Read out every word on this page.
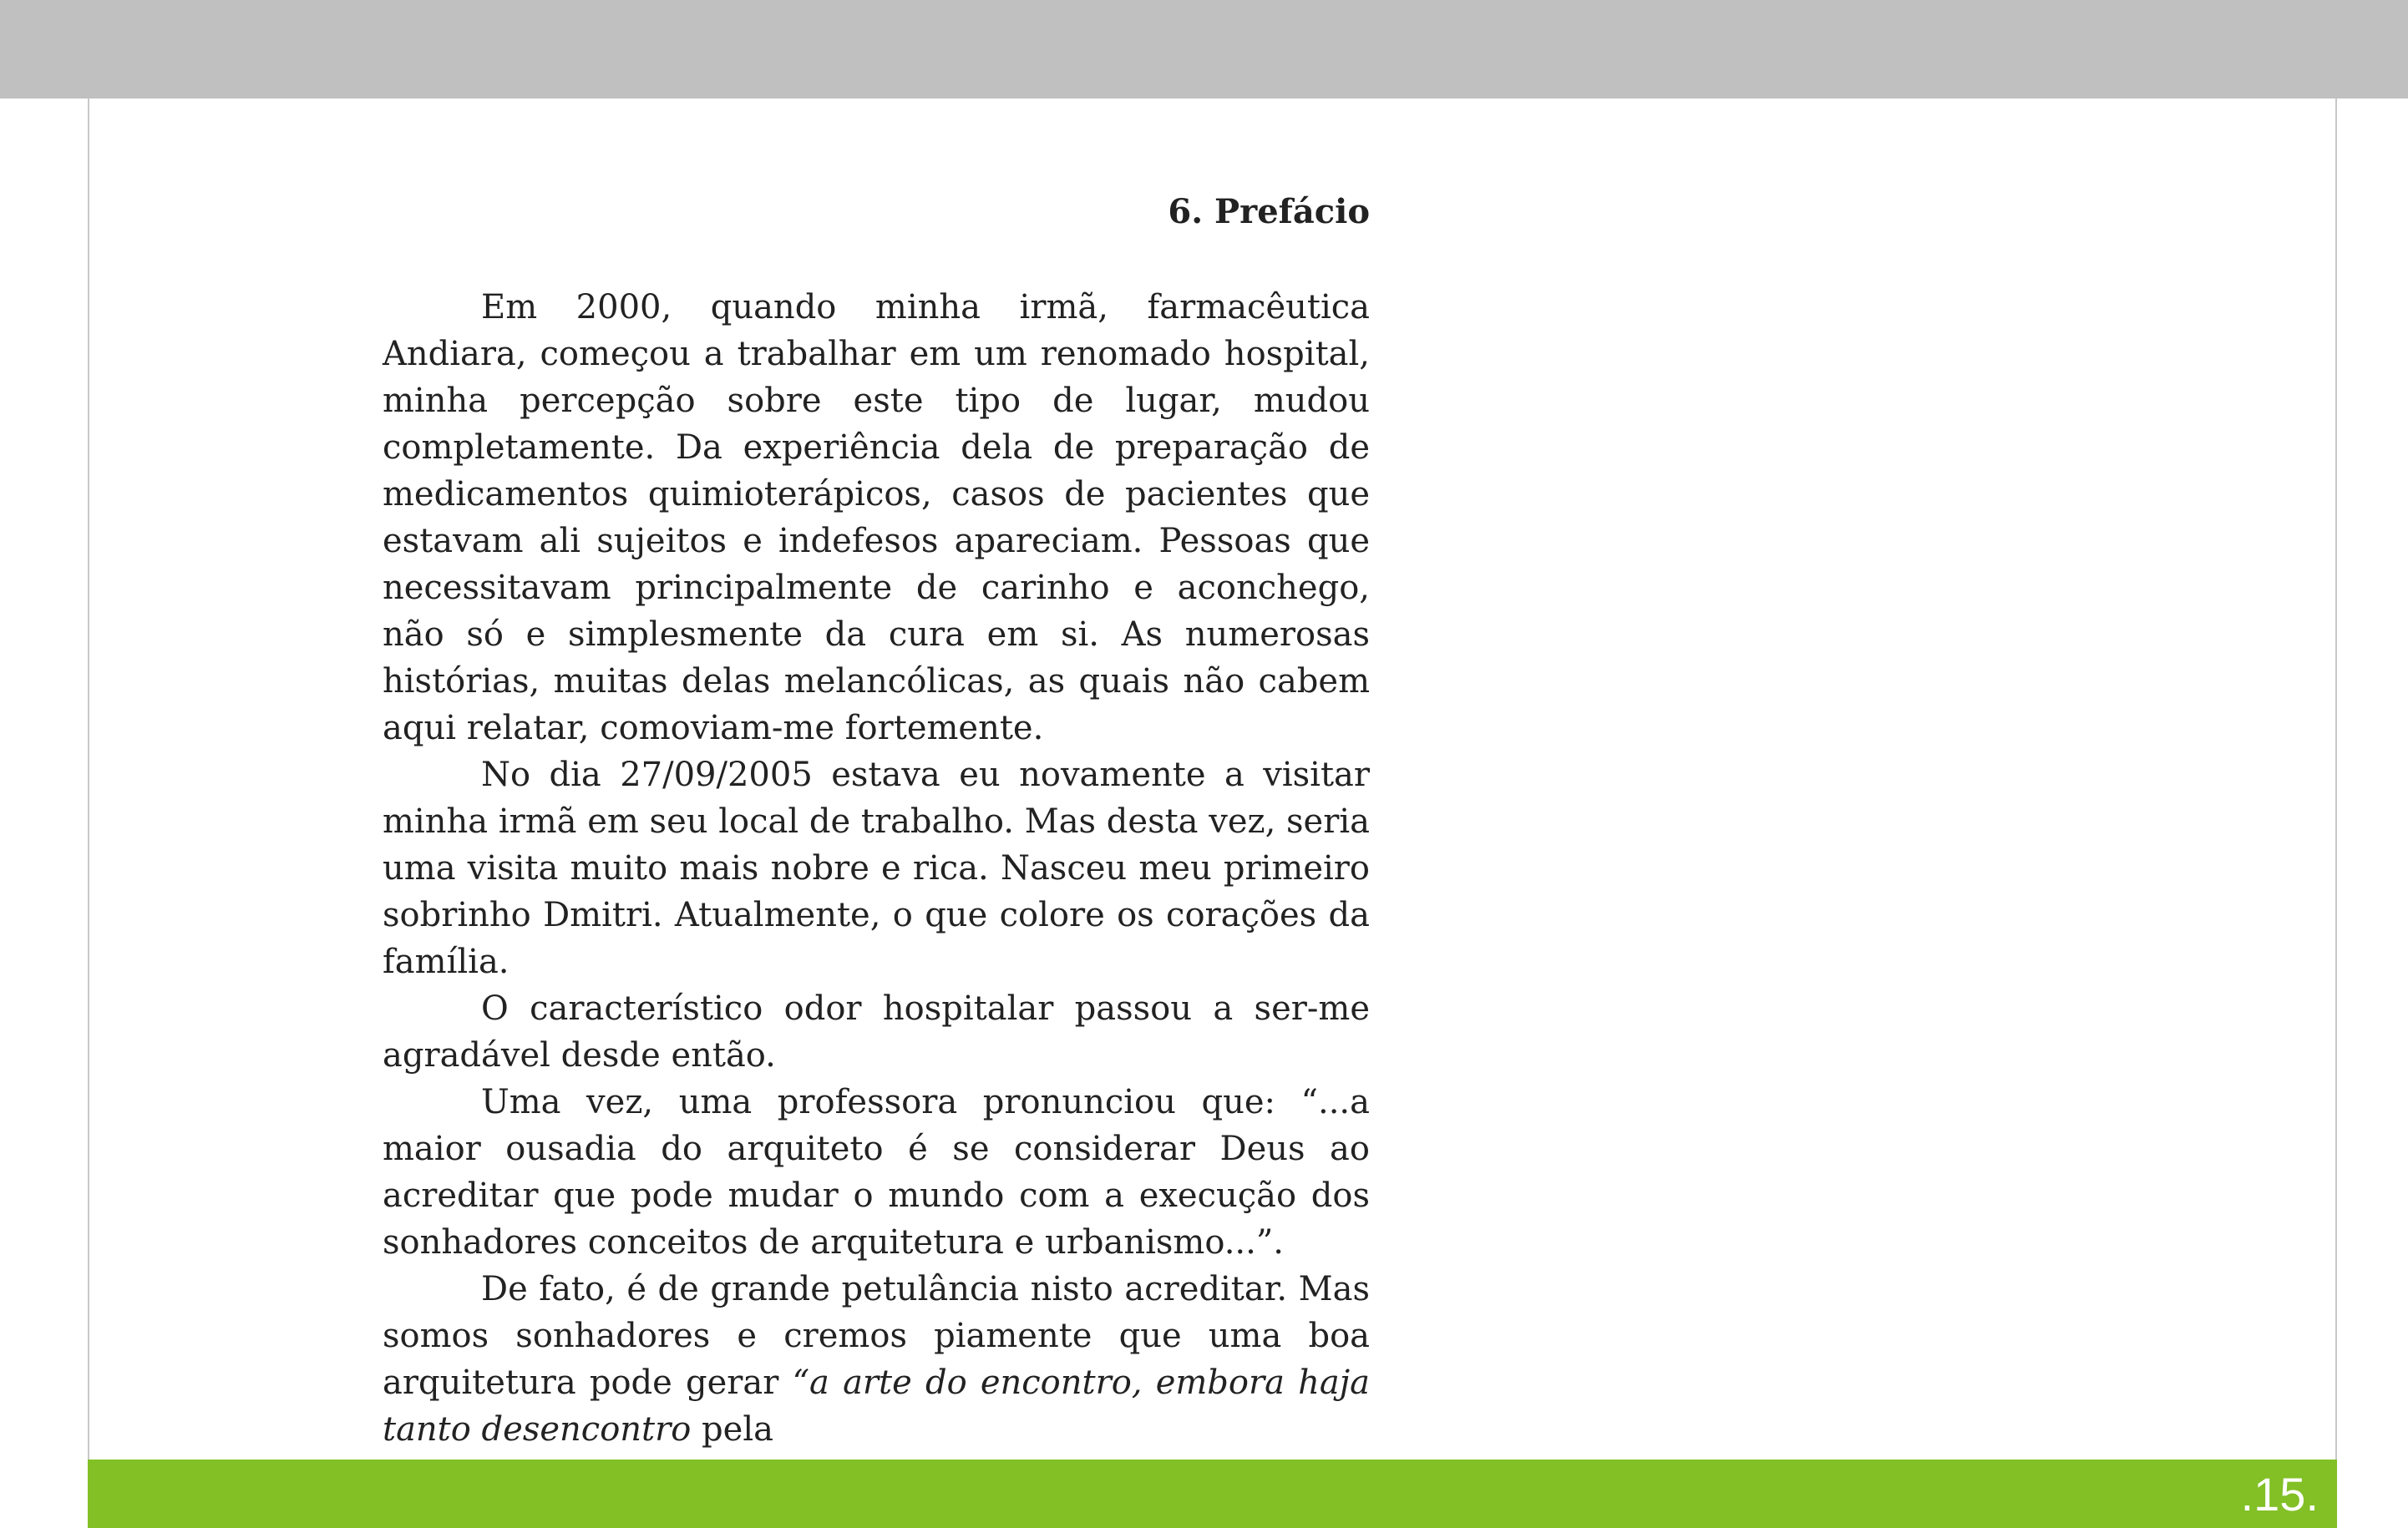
6. Prefácio

Em 2000, quando minha irmã, farmacêutica Andiara, começou a trabalhar em um renomado hospital, minha percepção sobre este tipo de lugar, mudou completamente. Da experiência dela de preparação de medicamentos quimioterápicos, casos de pacientes que estavam ali sujeitos e indefesos apareciam. Pessoas que necessitavam principalmente de carinho e aconchego, não só e simplesmente da cura em si. As numerosas histórias, muitas delas melancólicas, as quais não cabem aqui relatar, comoviam-me fortemente.

No dia 27/09/2005 estava eu novamente a visitar minha irmã em seu local de trabalho. Mas desta vez, seria uma visita muito mais nobre e rica. Nasceu meu primeiro sobrinho Dmitri. Atualmente, o que colore os corações da família.

O característico odor hospitalar passou a ser-me agradável desde então.

Uma vez, uma professora pronunciou que: “...a maior ousadia do arquiteto é se considerar Deus ao acreditar que pode mudar o mundo com a execução dos sonhadores conceitos de arquitetura e urbanismo...”.

De fato, é de grande petulância nisto acreditar. Mas somos sonhadores e cremos piamente que uma boa arquitetura pode gerar “a arte do encontro, embora haja tanto desencontro pela

.15.
